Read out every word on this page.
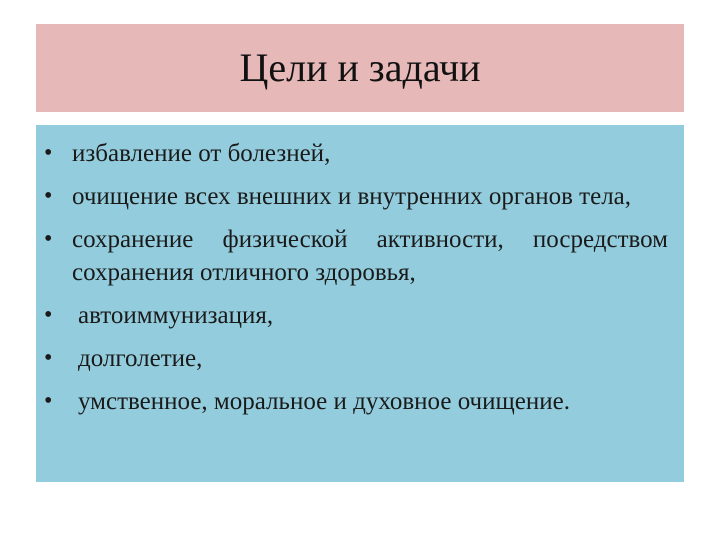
Цели и задачи
• избавление от болезней,
• очищение всех внешних и внутренних органов тела,
• сохранение физической активности, посредством сохранения отличного здоровья,
• автоиммунизация,
• долголетие,
• умственное, моральное и духовное очищение.
